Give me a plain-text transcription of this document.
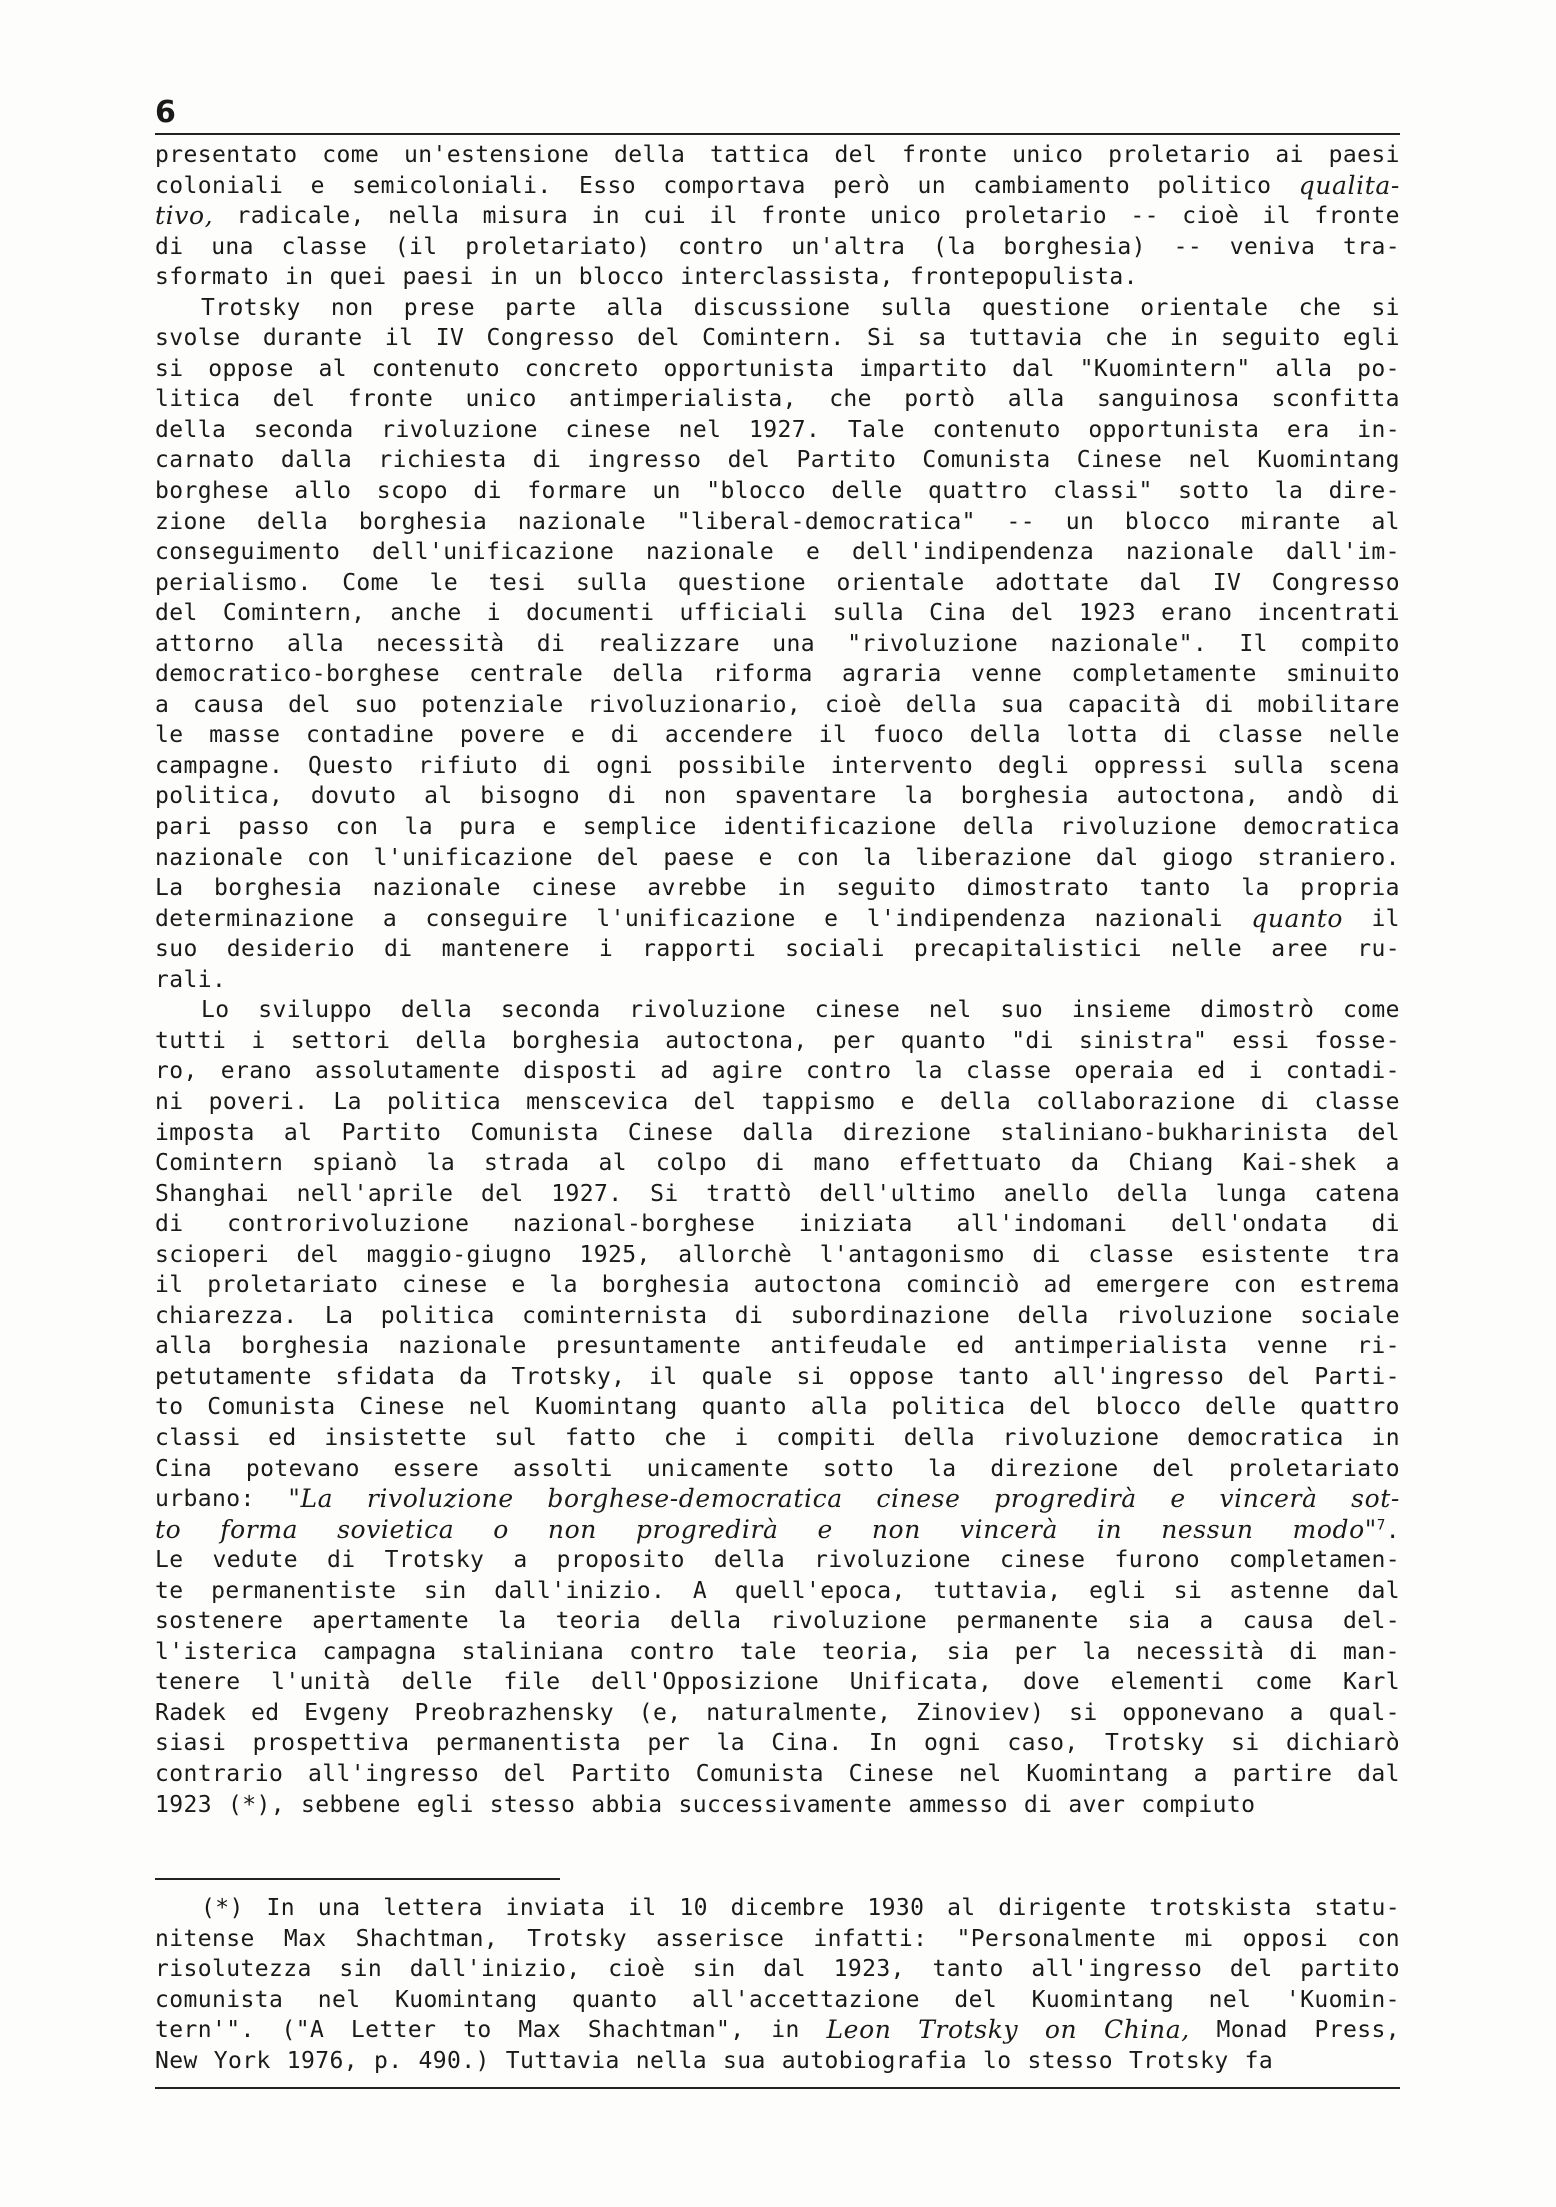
6
presentato come un'estensione della tattica del fronte unico proletario ai paesi
coloniali e semicoloniali. Esso comportava però un cambiamento politico qualita-
tivo, radicale, nella misura in cui il fronte unico proletario -- cioè il fronte
di una classe (il proletariato) contro un'altra (la borghesia) -- veniva tra-
sformato in quei paesi in un blocco interclassista, frontepopulista.
Trotsky non prese parte alla discussione sulla questione orientale che si
svolse durante il IV Congresso del Comintern. Si sa tuttavia che in seguito egli
si oppose al contenuto concreto opportunista impartito dal "Kuomintern" alla po-
litica del fronte unico antimperialista, che portò alla sanguinosa sconfitta
della seconda rivoluzione cinese nel 1927. Tale contenuto opportunista era in-
carnato dalla richiesta di ingresso del Partito Comunista Cinese nel Kuomintang
borghese allo scopo di formare un "blocco delle quattro classi" sotto la dire-
zione della borghesia nazionale "liberal-democratica" -- un blocco mirante al
conseguimento dell'unificazione nazionale e dell'indipendenza nazionale dall'im-
perialismo. Come le tesi sulla questione orientale adottate dal IV Congresso
del Comintern, anche i documenti ufficiali sulla Cina del 1923 erano incentrati
attorno alla necessità di realizzare una "rivoluzione nazionale". Il compito
democratico-borghese centrale della riforma agraria venne completamente sminuito
a causa del suo potenziale rivoluzionario, cioè della sua capacità di mobilitare
le masse contadine povere e di accendere il fuoco della lotta di classe nelle
campagne. Questo rifiuto di ogni possibile intervento degli oppressi sulla scena
politica, dovuto al bisogno di non spaventare la borghesia autoctona, andò di
pari passo con la pura e semplice identificazione della rivoluzione democratica
nazionale con l'unificazione del paese e con la liberazione dal giogo straniero.
La borghesia nazionale cinese avrebbe in seguito dimostrato tanto la propria
determinazione a conseguire l'unificazione e l'indipendenza nazionali quanto il
suo desiderio di mantenere i rapporti sociali precapitalistici nelle aree ru-
rali.
Lo sviluppo della seconda rivoluzione cinese nel suo insieme dimostrò come
tutti i settori della borghesia autoctona, per quanto "di sinistra" essi fosse-
ro, erano assolutamente disposti ad agire contro la classe operaia ed i contadi-
ni poveri. La politica menscevica del tappismo e della collaborazione di classe
imposta al Partito Comunista Cinese dalla direzione staliniano-bukharinista del
Comintern spianò la strada al colpo di mano effettuato da Chiang Kai-shek a
Shanghai nell'aprile del 1927. Si trattò dell'ultimo anello della lunga catena
di controrivoluzione nazional-borghese iniziata all'indomani dell'ondata di
scioperi del maggio-giugno 1925, allorchè l'antagonismo di classe esistente tra
il proletariato cinese e la borghesia autoctona cominciò ad emergere con estrema
chiarezza. La politica cominternista di subordinazione della rivoluzione sociale
alla borghesia nazionale presuntamente antifeudale ed antimperialista venne ri-
petutamente sfidata da Trotsky, il quale si oppose tanto all'ingresso del Parti-
to Comunista Cinese nel Kuomintang quanto alla politica del blocco delle quattro
classi ed insistette sul fatto che i compiti della rivoluzione democratica in
Cina potevano essere assolti unicamente sotto la direzione del proletariato
urbano: "La rivoluzione borghese-democratica cinese progredirà e vincerà sot-
to forma sovietica o non progredirà e non vincerà in nessun modo"$^7$.
Le vedute di Trotsky a proposito della rivoluzione cinese furono completamen-
te permanentiste sin dall'inizio. A quell'epoca, tuttavia, egli si astenne dal
sostenere apertamente la teoria della rivoluzione permanente sia a causa del-
l'isterica campagna staliniana contro tale teoria, sia per la necessità di man-
tenere l'unità delle file dell'Opposizione Unificata, dove elementi come Karl
Radek ed Evgeny Preobrazhensky (e, naturalmente, Zinoviev) si opponevano a qual-
siasi prospettiva permanentista per la Cina. In ogni caso, Trotsky si dichiarò
contrario all'ingresso del Partito Comunista Cinese nel Kuomintang a partire dal
1923 (*), sebbene egli stesso abbia successivamente ammesso di aver compiuto
(*) In una lettera inviata il 10 dicembre 1930 al dirigente trotskista statu-
nitense Max Shachtman, Trotsky asserisce infatti: "Personalmente mi opposi con
risolutezza sin dall'inizio, cioè sin dal 1923, tanto all'ingresso del partito
comunista nel Kuomintang quanto all'accettazione del Kuomintang nel 'Kuomin-
tern'". ("A Letter to Max Shachtman", in Leon Trotsky on China, Monad Press,
New York 1976, p. 490.) Tuttavia nella sua autobiografia lo stesso Trotsky fa
